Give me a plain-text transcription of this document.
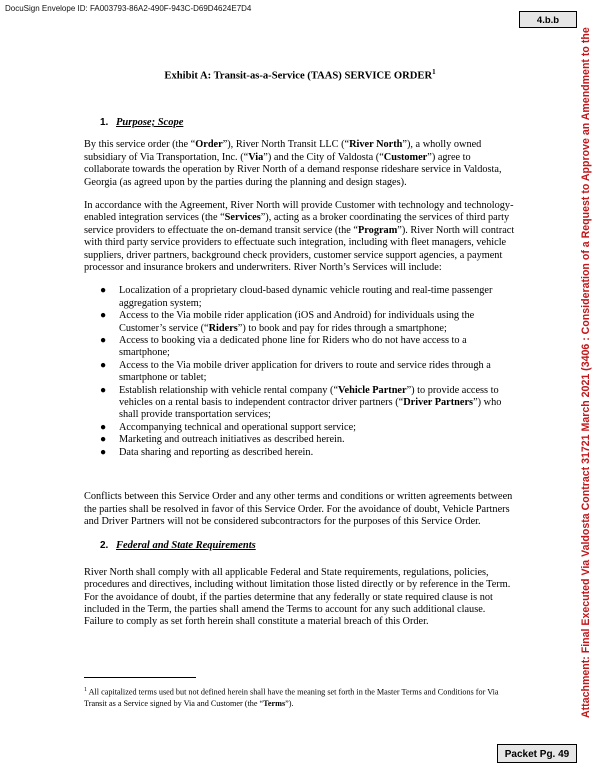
DocuSign Envelope ID: FA003793-86A2-490F-943C-D69D4624E7D4
4.b.b
Attachment: Final Executed Via Valdosta Contract 31721 March 2021 (3406 : Consideration of a Request to Approve an Amendment to the
Exhibit A: Transit-as-a-Service (TAAS) SERVICE ORDER$^1$
1. Purpose; Scope

By this service order (the “Order”), River North Transit LLC (“River North”), a wholly owned subsidiary of Via Transportation, Inc. (“Via”) and the City of Valdosta (“Customer”) agree to collaborate towards the operation by River North of a demand response rideshare service in Valdosta, Georgia (as agreed upon by the parties during the planning and design stages).

In accordance with the Agreement, River North will provide Customer with technology and technology-enabled integration services (the “Services”), acting as a broker coordinating the services of third party service providers to effectuate the on-demand transit service (the “Program”). River North will contract with third party service providers to effectuate such integration, including with fleet managers, vehicle suppliers, driver partners, background check providers, customer service support agencies, a payment processor and insurance brokers and underwriters. River North’s Services will include:

● Localization of a proprietary cloud-based dynamic vehicle routing and real-time passenger aggregation system;
● Access to the Via mobile rider application (iOS and Android) for individuals using the Customer’s service (“Riders”) to book and pay for rides through a smartphone;
● Access to booking via a dedicated phone line for Riders who do not have access to a smartphone;
● Access to the Via mobile driver application for drivers to route and service rides through a smartphone or tablet;
● Establish relationship with vehicle rental company (“Vehicle Partner”) to provide access to vehicles on a rental basis to independent contractor driver partners (“Driver Partners”) who shall provide transportation services;
● Accompanying technical and operational support service;
● Marketing and outreach initiatives as described herein.
● Data sharing and reporting as described herein.

Conflicts between this Service Order and any other terms and conditions or written agreements between the parties shall be resolved in favor of this Service Order. For the avoidance of doubt, Vehicle Partners and Driver Partners will not be considered subcontractors for the purposes of this Service Order.

2. Federal and State Requirements

River North shall comply with all applicable Federal and State requirements, regulations, policies, procedures and directives, including without limitation those listed directly or by reference in the Term. For the avoidance of doubt, if the parties determine that any federally or state required clause is not included in the Term, the parties shall amend the Terms to account for any such additional clause. Failure to comply as set forth herein shall constitute a material breach of this Order.

$^1$ All capitalized terms used but not defined herein shall have the meaning set forth in the Master Terms and Conditions for Via Transit as a Service signed by Via and Customer (the “Terms”).
Packet Pg. 49
